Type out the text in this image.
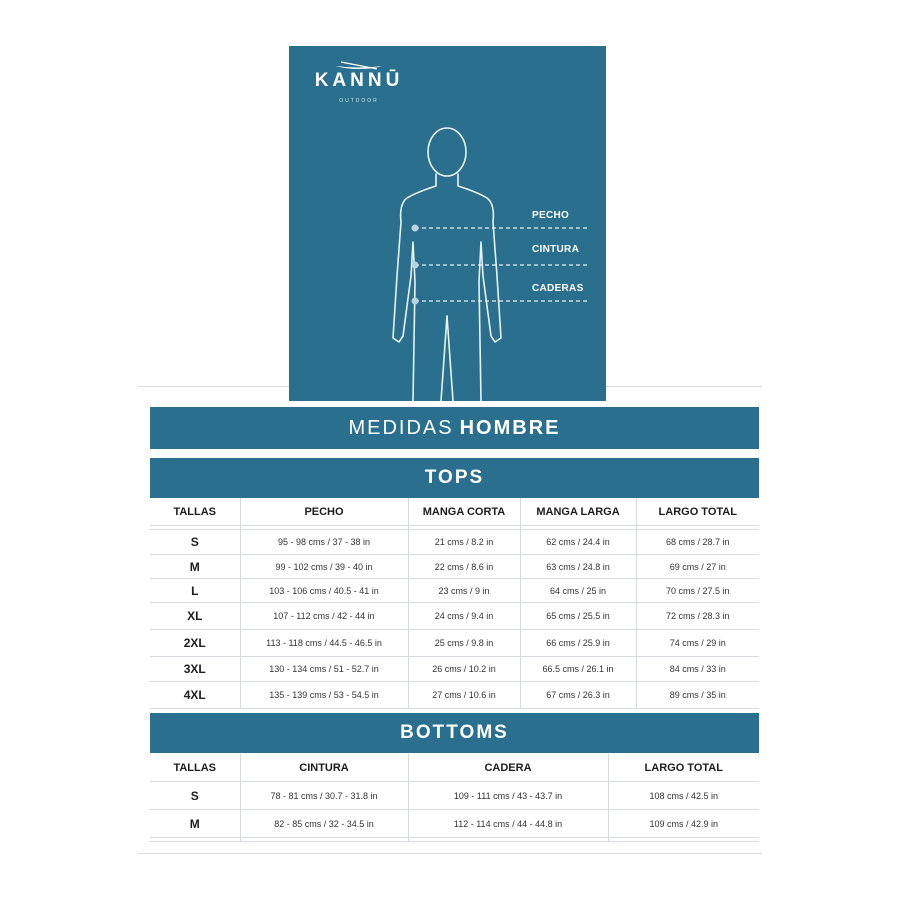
KANNŪ
OUTDOOR
PECHO
CINTURA
CADERAS
MEDIDAS HOMBRE
TOPS
TALLAS	PECHO	MANGA CORTA	MANGA LARGA	LARGO TOTAL

S	95 - 98 cms / 37 - 38 in	21 cms / 8.2 in	62 cms / 24.4 in	68 cms / 28.7 in
M	99 - 102 cms / 39 - 40 in	22 cms / 8.6 in	63 cms / 24.8 in	69 cms / 27 in
L	103 - 106 cms / 40.5 - 41 in	23 cms / 9 in	64 cms / 25 in	70 cms / 27.5 in
XL	107 - 112 cms / 42 - 44 in	24 cms / 9.4 in	65 cms / 25.5 in	72 cms / 28.3 in
2XL	113 - 118 cms / 44.5 - 46.5 in	25 cms / 9.8 in	66 cms / 25.9 in	74 cms / 29 in
3XL	130 - 134 cms / 51 - 52.7 in	26 cms / 10.2 in	66.5 cms / 26.1 in	84 cms / 33 in
4XL	135 - 139 cms / 53 - 54.5 in	27 cms / 10.6 in	67 cms / 26.3 in	89 cms / 35 in
BOTTOMS
TALLAS	CINTURA	CADERA	LARGO TOTAL
S	78 - 81 cms / 30.7 - 31.8 in	109 - 111 cms / 43 - 43.7 in	108 cms / 42.5 in
M	82 - 85 cms / 32 - 34.5 in	112 - 114 cms / 44 - 44.8 in	109 cms / 42.9 in
